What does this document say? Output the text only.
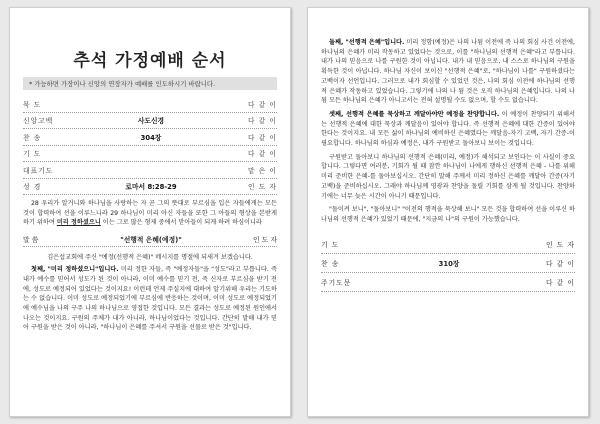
추석 가정예배 순서
* 가능하면 가장이나 신앙의 연장자가 예배를 인도하시기 바랍니다.
묵 도	다 같 이
신앙고백	사도신경	다 같 이
찬 송	304장	다 같 이
기 도	다 같 이
대표기도	맡 은 이
성 경	로마서 8:28-29	인 도 자

28 우리가 알거니와 하나님을 사랑하는 자 곧 그의 뜻대로 부르심을 입은 자들에게는 모든 것이 합력하여 선을 이루느니라 29 하나님이 미리 아신 자들을 또한 그 아들의 형상을 본받게 하기 위하여 미리 정하셨으니 이는 그로 많은 형제 중에서 맏아들이 되게 하려 하심이니라

말 씀	"선행적 은혜(예정)"	인 도 자
김은섭교회에 주신 "예정(선행적 은혜)" 메시지를 명절에 되새겨 보겠습니다.

첫째, "미리 정하셨으니"입니다. 미리 정한 자들, 즉 "예정자들"을 "성도"라고 부릅니다. 즉 내가 예수를 믿어서 성도가 된 것이 아니라, 이미 예수를 믿기 전, 즉 신자로 부르심을 받기 전에, 성도로 예정되어 있었다는 것이지요! 이런데 언제 주실지에 대하여 알기위해 우리는 기도하는 수 없습니다. 이미 성도로 예정되었기에 부르심에 반응하는 것이며, 이미 성도로 예정되었기에 예수님을 나의 구주 나의 하나님으로 영접한 것입니다. 모든 결과는 성도로 예정된 원인에서 나오는 것이지요. 구원의 주체가 내가 아니라, 하나님이었다는 것입니다. 간단히 말해 내가 믿어 구원을 받은 것이 아니라, "하나님이 은혜를 주셔서 구원을 선물로 받은 것"입니다.

둘째, "선행적 은혜"입니다. 미리 정함(예정)은 나의 나됨 이전에 즉 나의 회심 사건 이전에, 하나님의 은혜가 미리 작동하고 있었다는 것으로, 이를 "하나님의 선행적 은혜"라고 부릅니다. 내가 나의 믿음으로 나를 구원한 것이 아닙니다. 내가 내 믿음으로, 내 스스로 하나님의 구원을 획득한 것이 아닙니다. 하나님 자신이 보이신 "선행적 은혜"로, "하나님이 나를" 구원하셨다는 고백이자 선언입니다. 그러므로 내가 회심할 수 있었던 것은, 나의 회심 이전에 하나님의 선행적 은혜가 작동하고 있었습니다. 그렇기에 나의 나 됨 것은 오직 하나님의 은혜입니다. 나의 나됨 모든 하나님의 은혜가 아니고서는 전혀 설명될 수도 없으며, 할 수도 없습니다.

셋째, 선행적 은혜를 묵상하고 깨달아야만 예정을 찬양합니다. 이 예정이 찬양되기 위해서는 선행적 은혜에 대한 묵상과 깨달음이 있어야 합니다. 즉 선행적 은혜에 대한 간증이 있어야 한다는 것이지요. 내 모든 삶이 하나님의 예비하신 은혜였다는 깨달음-자기 고백, 자기 간증-이 필요합니다. 하나님의 하심과 예정은, 내가 구원받고 돌아보니 보이는 것입니다.

구원받고 돌아보니 하나님의 선행적 은혜(미리, 예정)가 해석되고 보인다는 이 사실이 중요합니다. 그렇다면 여러분, 기회가 될 때 잠깐 하나님이 나에게 행하신 선행적 은혜 - 나를 위해 미리 준비한 은혜-를 돌아보십시오. 간단히 말해 주께서 미리 정하신 은혜를 깨달아 간증(자기 고백)을 준비하십시오. 그래야 하나님께 영광과 찬양을 돌릴 기회를 삼게 될 것입니다. 찬양하기에는 너무 늦은 시간이 아니기 때문입니다.

"돌이켜 보니", "돌아보니" "이전의 행적을 묵상해 보니" 모든 것을 합력하여 선을 이루신 하나님의 선행적 은혜가 있었기 때문에, "지금의 나"의 구원이 가능했습니다.

기 도	인 도 자
찬 송	310장	다 같 이
주기도문	다 같 이
